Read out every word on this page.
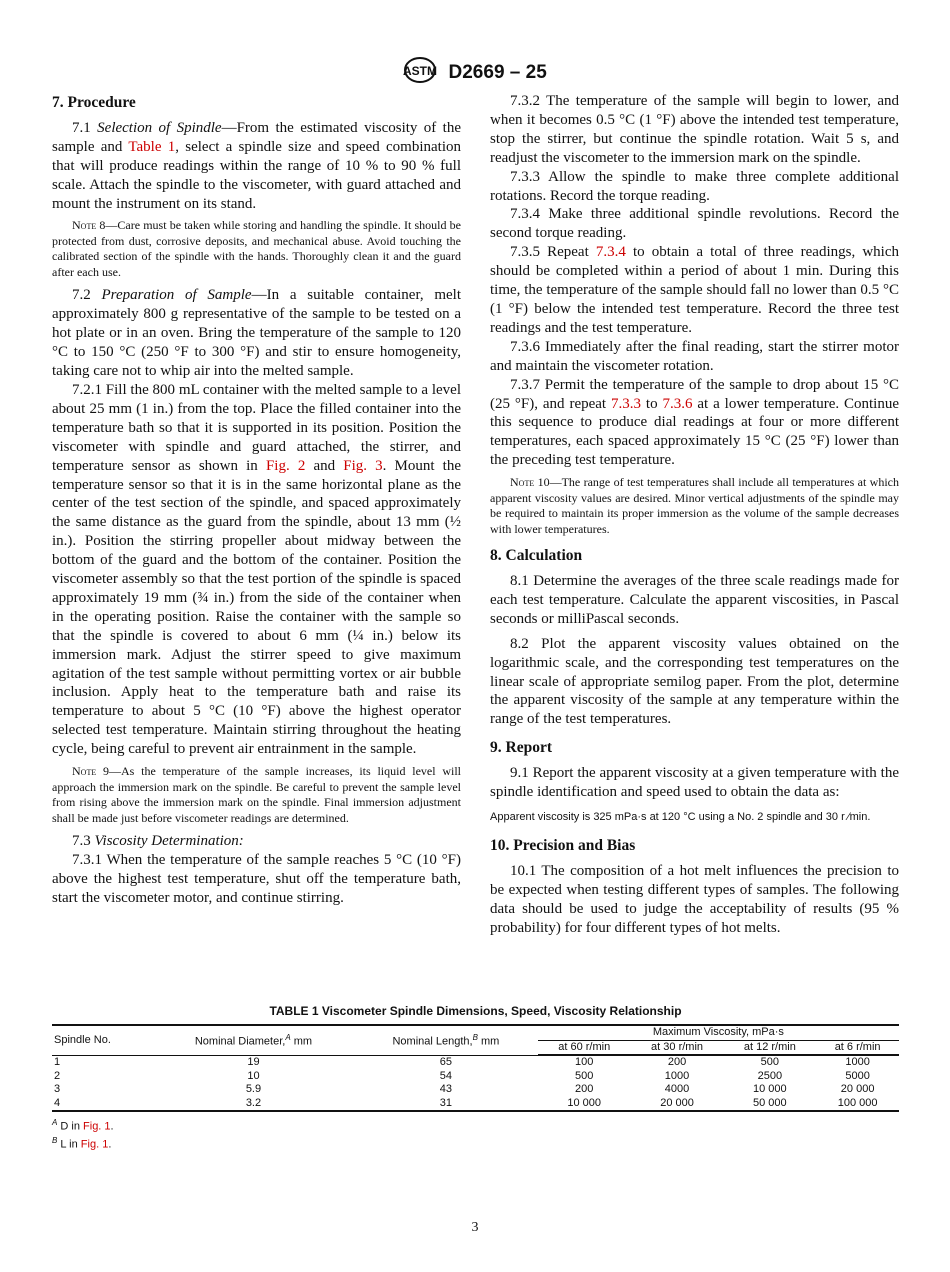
ASTM D2669 – 25
7. Procedure
7.1 Selection of Spindle—From the estimated viscosity of the sample and Table 1, select a spindle size and speed combination that will produce readings within the range of 10 % to 90 % full scale. Attach the spindle to the viscometer, with guard attached and mount the instrument on its stand.
Note 8—Care must be taken while storing and handling the spindle. It should be protected from dust, corrosive deposits, and mechanical abuse. Avoid touching the calibrated section of the spindle with the hands. Thoroughly clean it and the guard after each use.
7.2 Preparation of Sample—In a suitable container, melt approximately 800 g representative of the sample to be tested on a hot plate or in an oven. Bring the temperature of the sample to 120 °C to 150 °C (250 °F to 300 °F) and stir to ensure homogeneity, taking care not to whip air into the melted sample.
7.2.1 Fill the 800 mL container with the melted sample to a level about 25 mm (1 in.) from the top. Place the filled container into the temperature bath so that it is supported in its position. Position the viscometer with spindle and guard attached, the stirrer, and temperature sensor as shown in Fig. 2 and Fig. 3. Mount the temperature sensor so that it is in the same horizontal plane as the center of the test section of the spindle, and spaced approximately the same distance as the guard from the spindle, about 13 mm (½ in.). Position the stirring propeller about midway between the bottom of the guard and the bottom of the container. Position the viscometer assembly so that the test portion of the spindle is spaced approximately 19 mm (¾ in.) from the side of the container when in the operating position. Raise the container with the sample so that the spindle is covered to about 6 mm (¼ in.) below its immersion mark. Adjust the stirrer speed to give maximum agitation of the test sample without permitting vortex or air bubble inclusion. Apply heat to the temperature bath and raise its temperature to about 5 °C (10 °F) above the highest operator selected test temperature. Maintain stirring throughout the heating cycle, being careful to prevent air entrainment in the sample.
Note 9—As the temperature of the sample increases, its liquid level will approach the immersion mark on the spindle. Be careful to prevent the sample level from rising above the immersion mark on the spindle. Final immersion adjustment shall be made just before viscometer readings are determined.
7.3 Viscosity Determination:
7.3.1 When the temperature of the sample reaches 5 °C (10 °F) above the highest test temperature, shut off the temperature bath, start the viscometer motor, and continue stirring.
7.3.2 The temperature of the sample will begin to lower, and when it becomes 0.5 °C (1 °F) above the intended test temperature, stop the stirrer, but continue the spindle rotation. Wait 5 s, and readjust the viscometer to the immersion mark on the spindle.
7.3.3 Allow the spindle to make three complete additional rotations. Record the torque reading.
7.3.4 Make three additional spindle revolutions. Record the second torque reading.
7.3.5 Repeat 7.3.4 to obtain a total of three readings, which should be completed within a period of about 1 min. During this time, the temperature of the sample should fall no lower than 0.5 °C (1 °F) below the intended test temperature. Record the three test readings and the test temperature.
7.3.6 Immediately after the final reading, start the stirrer motor and maintain the viscometer rotation.
7.3.7 Permit the temperature of the sample to drop about 15 °C (25 °F), and repeat 7.3.3 to 7.3.6 at a lower temperature. Continue this sequence to produce dial readings at four or more different temperatures, each spaced approximately 15 °C (25 °F) lower than the preceding test temperature.
Note 10—The range of test temperatures shall include all temperatures at which apparent viscosity values are desired. Minor vertical adjustments of the spindle may be required to maintain its proper immersion as the volume of the sample decreases with lower temperatures.
8. Calculation
8.1 Determine the averages of the three scale readings made for each test temperature. Calculate the apparent viscosities, in Pascal seconds or milliPascal seconds.
8.2 Plot the apparent viscosity values obtained on the logarithmic scale, and the corresponding test temperatures on the linear scale of appropriate semilog paper. From the plot, determine the apparent viscosity of the sample at any temperature within the range of the test temperatures.
9. Report
9.1 Report the apparent viscosity at a given temperature with the spindle identification and speed used to obtain the data as:
Apparent viscosity is 325 mPa·s at 120 °C using a No. 2 spindle and 30 r ⁄min.
10. Precision and Bias
10.1 The composition of a hot melt influences the precision to be expected when testing different types of samples. The following data should be used to judge the acceptability of results (95 % probability) for four different types of hot melts.
TABLE 1 Viscometer Spindle Dimensions, Speed, Viscosity Relationship
Spindle No.	Nominal Diameter,$^A$ mm	Nominal Length,$^B$ mm	Maximum Viscosity, mPa·s			
			at 60 r/min	at 30 r/min	at 12 r/min	at 6 r/min

1	19	65	100	200	500	1000
2	10	54	500	1000	2500	5000
3	5.9	43	200	4000	10 000	20 000
4	3.2	31	10 000	20 000	50 000	100 000
$^A$ D in Fig. 1.
$^B$ L in Fig. 1.
3
